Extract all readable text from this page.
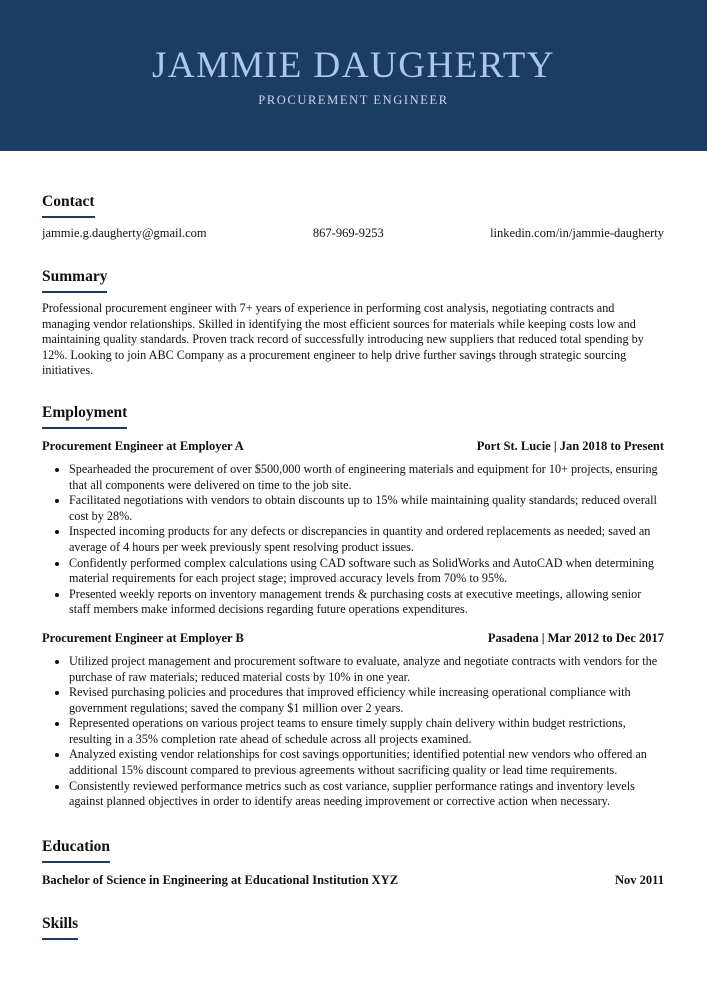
JAMMIE DAUGHERTY
PROCUREMENT ENGINEER
Contact
jammie.g.daugherty@gmail.com	867-969-9253	linkedin.com/in/jammie-daugherty
Summary
Professional procurement engineer with 7+ years of experience in performing cost analysis, negotiating contracts and managing vendor relationships. Skilled in identifying the most efficient sources for materials while keeping costs low and maintaining quality standards. Proven track record of successfully introducing new suppliers that reduced total spending by 12%. Looking to join ABC Company as a procurement engineer to help drive further savings through strategic sourcing initiatives.
Employment
Procurement Engineer at Employer A	Port St. Lucie | Jan 2018 to Present
• Spearheaded the procurement of over $500,000 worth of engineering materials and equipment for 10+ projects, ensuring that all components were delivered on time to the job site.
• Facilitated negotiations with vendors to obtain discounts up to 15% while maintaining quality standards; reduced overall cost by 28%.
• Inspected incoming products for any defects or discrepancies in quantity and ordered replacements as needed; saved an average of 4 hours per week previously spent resolving product issues.
• Confidently performed complex calculations using CAD software such as SolidWorks and AutoCAD when determining material requirements for each project stage; improved accuracy levels from 70% to 95%.
• Presented weekly reports on inventory management trends & purchasing costs at executive meetings, allowing senior staff members make informed decisions regarding future operations expenditures.
Procurement Engineer at Employer B	Pasadena | Mar 2012 to Dec 2017
• Utilized project management and procurement software to evaluate, analyze and negotiate contracts with vendors for the purchase of raw materials; reduced material costs by 10% in one year.
• Revised purchasing policies and procedures that improved efficiency while increasing operational compliance with government regulations; saved the company $1 million over 2 years.
• Represented operations on various project teams to ensure timely supply chain delivery within budget restrictions, resulting in a 35% completion rate ahead of schedule across all projects examined.
• Analyzed existing vendor relationships for cost savings opportunities; identified potential new vendors who offered an additional 15% discount compared to previous agreements without sacrificing quality or lead time requirements.
• Consistently reviewed performance metrics such as cost variance, supplier performance ratings and inventory levels against planned objectives in order to identify areas needing improvement or corrective action when necessary.
Education
Bachelor of Science in Engineering at Educational Institution XYZ	Nov 2011
Skills
